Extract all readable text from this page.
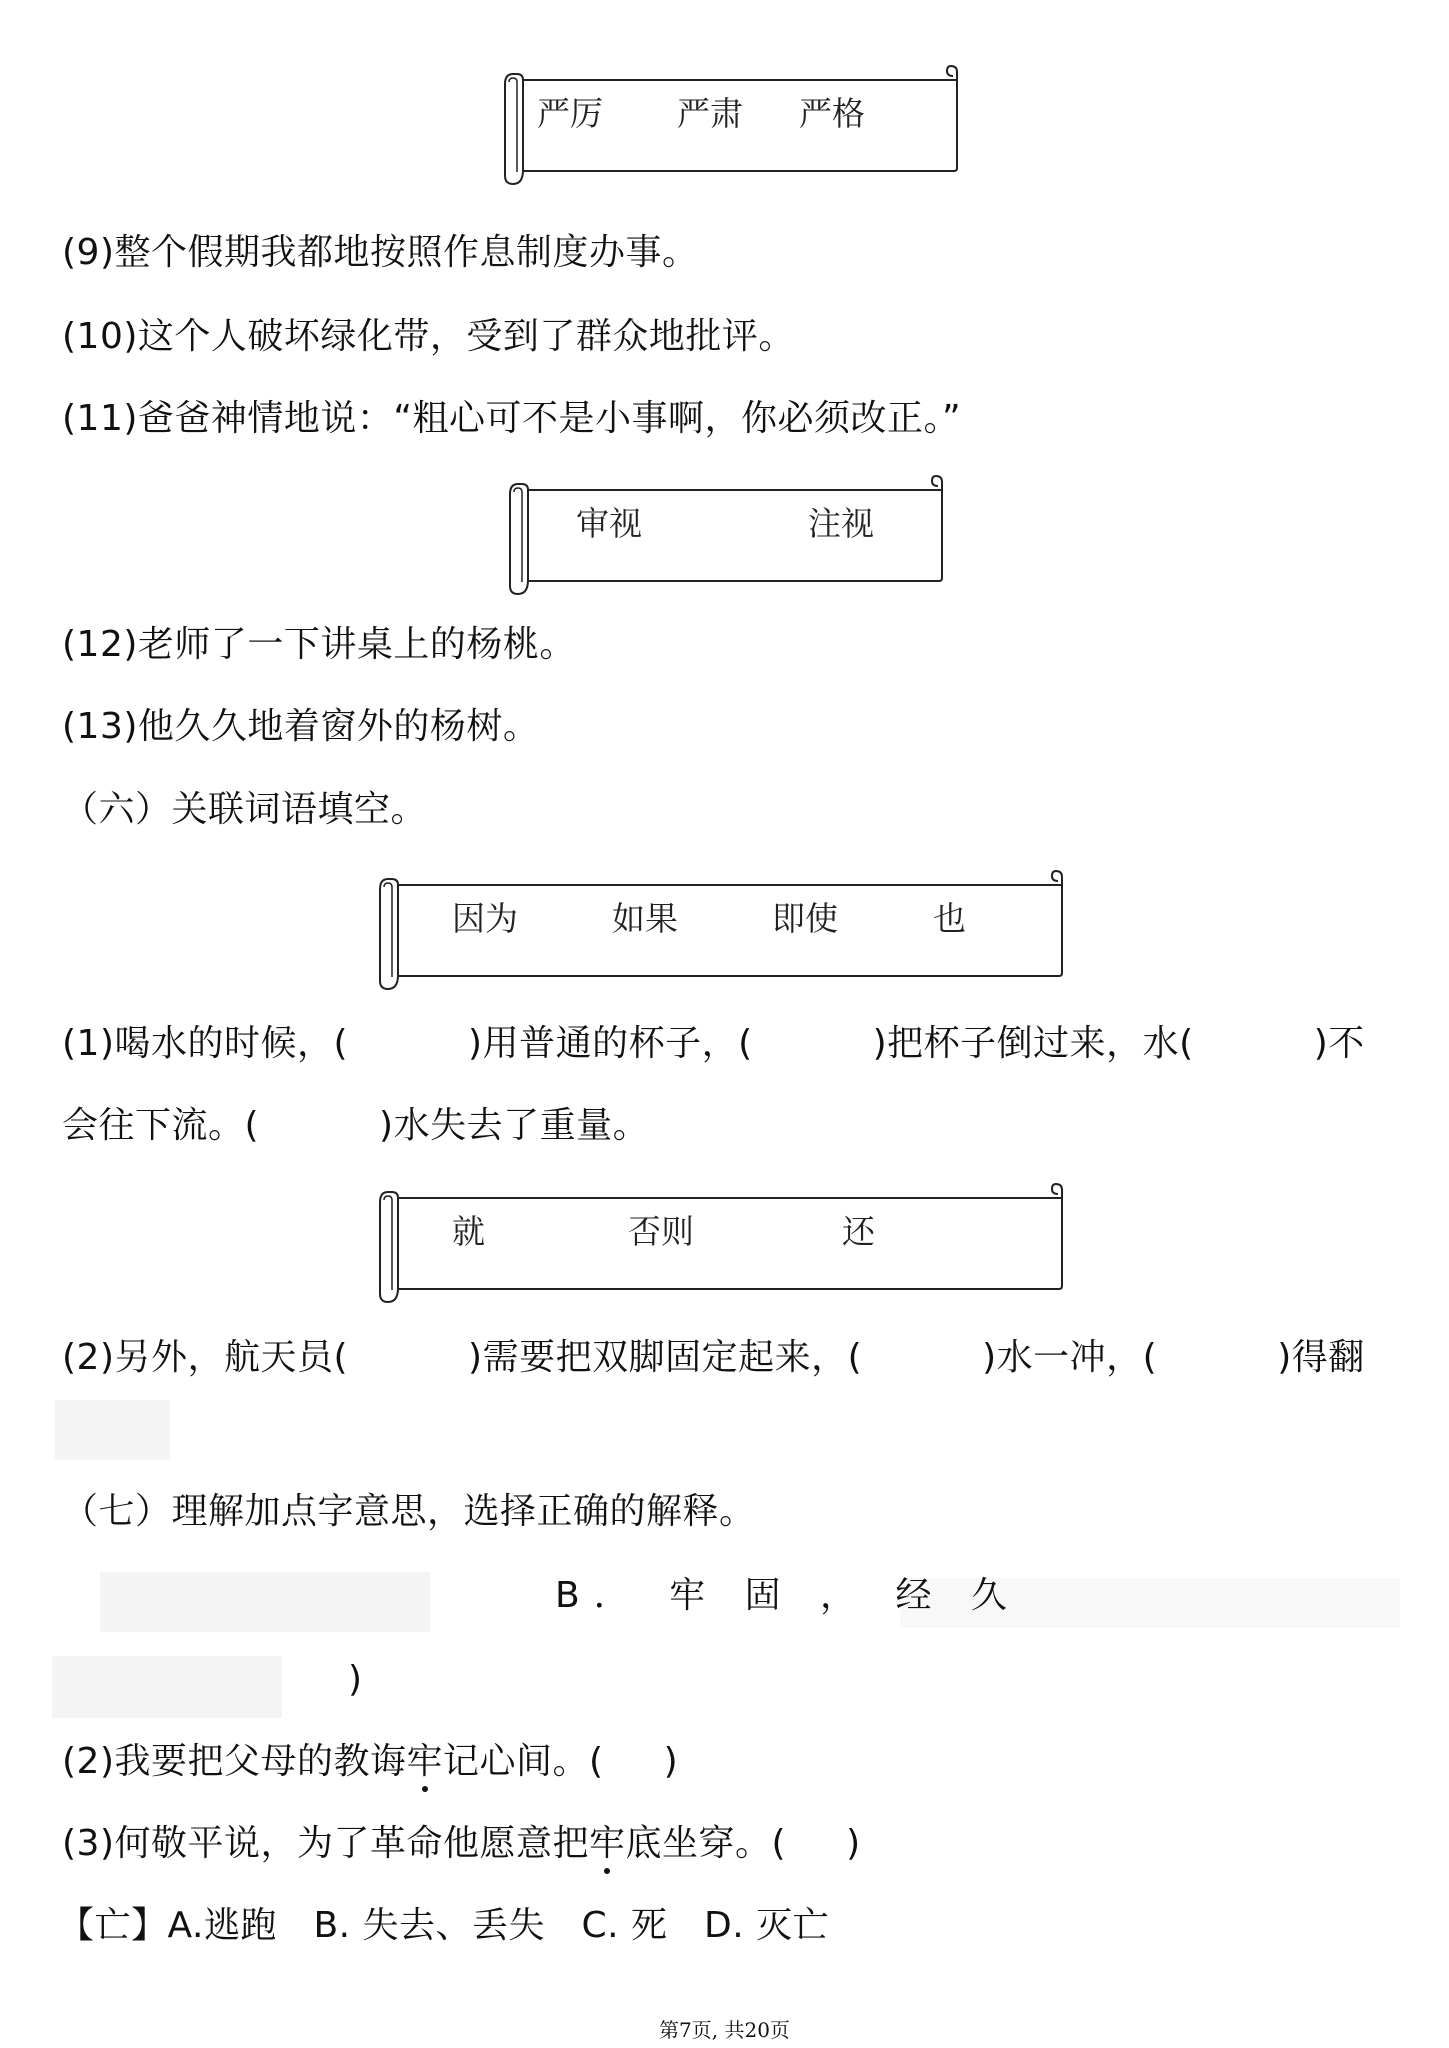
严厉 严肃 严格
(9)整个假期我都地按照作息制度办事。
(10)这个人破坏绿化带，受到了群众地批评。
(11)爸爸神情地说：“粗心可不是小事啊，你必须改正。”
审视	注视
(12)老师了一下讲桌上的杨桃。
(13)他久久地着窗外的杨树。
（六）关联词语填空。
因为	如果	即使	也
(1)喝水的时候，(	)用普通的杯子，(	)把杯子倒过来，水(	)不
会往下流。(	)水失去了重量。
就	否则	还
(2)另外，航天员(	)需要把双脚固定起来，(	)水一冲，(	)得翻
（七）理解加点字意思，选择正确的解释。
B． 牢 固 ， 经 久
)
(2)我要把父母的教诲牢记心间。( )
(3)何敬平说，为了革命他愿意把牢底坐穿。( )
【亡】A.逃跑　B. 失去、丢失　C. 死　D. 灭亡
第7页, 共20页
